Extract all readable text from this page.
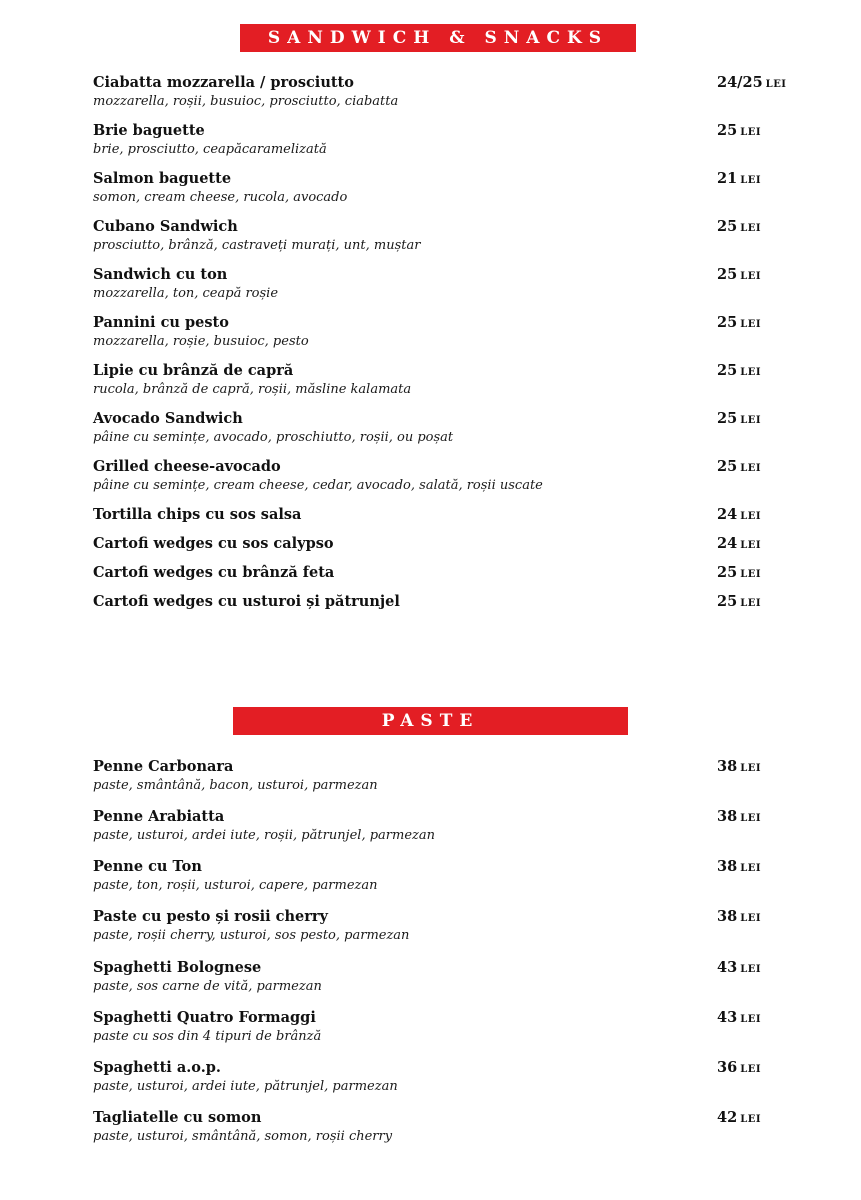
SANDWICH & SNACKS
Ciabatta mozzarella / prosciutto
mozzarella, roșii, busuioc, prosciutto, ciabatta
24/25 LEI
Brie baguette
brie, prosciutto, ceapăcaramelizată
25 LEI
Salmon baguette
somon, cream cheese, rucola, avocado
21 LEI
Cubano Sandwich
prosciutto, brânză, castraveți murați, unt, muștar
25 LEI
Sandwich cu ton
mozzarella, ton, ceapă roșie
25 LEI
Pannini cu pesto
mozzarella, roșie, busuioc, pesto
25 LEI
Lipie cu brânză de capră
rucola, brânză de capră, roșii, măsline kalamata
25 LEI
Avocado Sandwich
pâine cu semințe, avocado, proschiutto, roșii, ou poșat
25 LEI
Grilled cheese-avocado
pâine cu semințe, cream cheese, cedar, avocado, salată, roșii uscate
25 LEI
Tortilla chips cu sos salsa	24 LEI
Cartofi wedges cu sos calypso	24 LEI
Cartofi wedges cu brânză feta	25 LEI
Cartofi wedges cu usturoi și pătrunjel	25 LEI
PASTE
Penne Carbonara
paste, smântână, bacon, usturoi, parmezan
38 LEI
Penne Arabiatta
paste, usturoi, ardei iute, roșii, pătrunjel, parmezan
38 LEI
Penne cu Ton
paste, ton, roșii, usturoi, capere, parmezan
38 LEI
Paste cu pesto și rosii cherry
paste, roșii cherry, usturoi, sos pesto, parmezan
38 LEI
Spaghetti Bolognese
paste, sos carne de vită, parmezan
43 LEI
Spaghetti Quatro Formaggi
paste cu sos din 4 tipuri de brânză
43 LEI
Spaghetti a.o.p.
paste, usturoi, ardei iute, pătrunjel, parmezan
36 LEI
Tagliatelle cu somon
paste, usturoi, smântână, somon, roșii cherry
42 LEI
